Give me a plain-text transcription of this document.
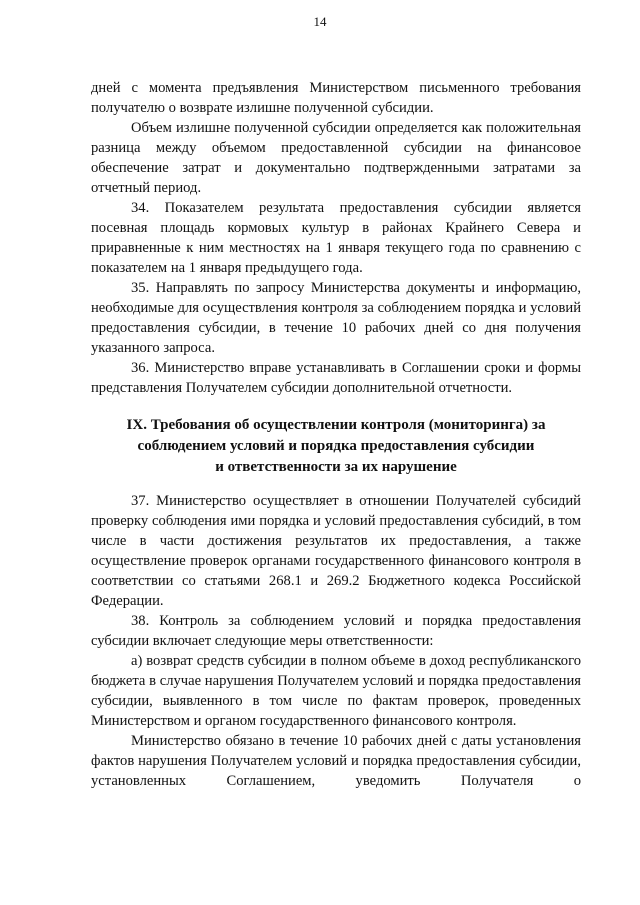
14

дней с момента предъявления Министерством письменного требования получателю о возврате излишне полученной субсидии.

Объем излишне полученной субсидии определяется как положительная разница между объемом предоставленной субсидии на финансовое обеспечение затрат и документально подтвержденными затратами за отчетный период.

34. Показателем результата предоставления субсидии является посевная площадь кормовых культур в районах Крайнего Севера и приравненные к ним местностях на 1 января текущего года по сравнению с показателем на 1 января предыдущего года.

35. Направлять по запросу Министерства документы и информацию, необходимые для осуществления контроля за соблюдением порядка и условий предоставления субсидии, в течение 10 рабочих дней со дня получения указанного запроса.

36. Министерство вправе устанавливать в Соглашении сроки и формы представления Получателем субсидии дополнительной отчетности.

IX. Требования об осуществлении контроля (мониторинга) за
соблюдением условий и порядка предоставления субсидии
и ответственности за их нарушение

37. Министерство осуществляет в отношении Получателей субсидий проверку соблюдения ими порядка и условий предоставления субсидий, в том числе в части достижения результатов их предоставления, а также осуществление проверок органами государственного финансового контроля в соответствии со статьями 268.1 и 269.2 Бюджетного кодекса Российской Федерации.

38. Контроль за соблюдением условий и порядка предоставления субсидии включает следующие меры ответственности:

а) возврат средств субсидии в полном объеме в доход республиканского бюджета в случае нарушения Получателем условий и порядка предоставления субсидии, выявленного в том числе по фактам проверок, проведенных Министерством и органом государственного финансового контроля.

Министерство обязано в течение 10 рабочих дней с даты установления фактов нарушения Получателем условий и порядка предоставления субсидии, установленных Соглашением, уведомить Получателя о
